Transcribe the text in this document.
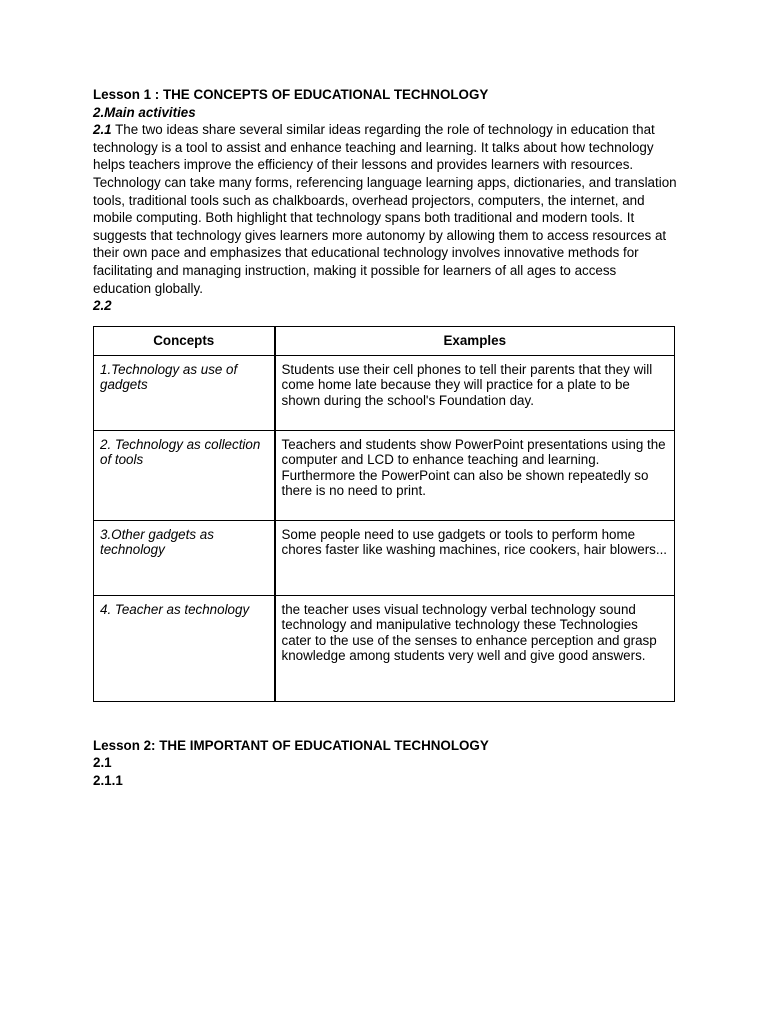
Lesson 1 : THE CONCEPTS OF EDUCATIONAL TECHNOLOGY

2.Main activities

2.1 The two ideas share several similar ideas regarding the role of technology in education that technology is a tool to assist and enhance teaching and learning. It talks about how technology helps teachers improve the efficiency of their lessons and provides learners with resources. Technology can take many forms, referencing language learning apps, dictionaries, and translation tools, traditional tools such as chalkboards, overhead projectors, computers, the internet, and mobile computing. Both highlight that technology spans both traditional and modern tools. It suggests that technology gives learners more autonomy by allowing them to access resources at their own pace and emphasizes that educational technology involves innovative methods for facilitating and managing instruction, making it possible for learners of all ages to access education globally.

2.2

Concepts	Examples
1.Technology as use of gadgets	Students use their cell phones to tell their parents that they will come home late because they will practice for a plate to be shown during the school's Foundation day.
2. Technology as collection of tools	Teachers and students show PowerPoint presentations using the computer and LCD to enhance teaching and learning. Furthermore the PowerPoint can also be shown repeatedly so there is no need to print.
3.Other gadgets as technology	Some people need to use gadgets or tools to perform home chores faster like washing machines, rice cookers, hair blowers...
4. Teacher as technology	the teacher uses visual technology verbal technology sound technology and manipulative technology these Technologies cater to the use of the senses to enhance perception and grasp knowledge among students very well and give good answers.

Lesson 2: THE IMPORTANT OF EDUCATIONAL TECHNOLOGY

2.1

2.1.1
